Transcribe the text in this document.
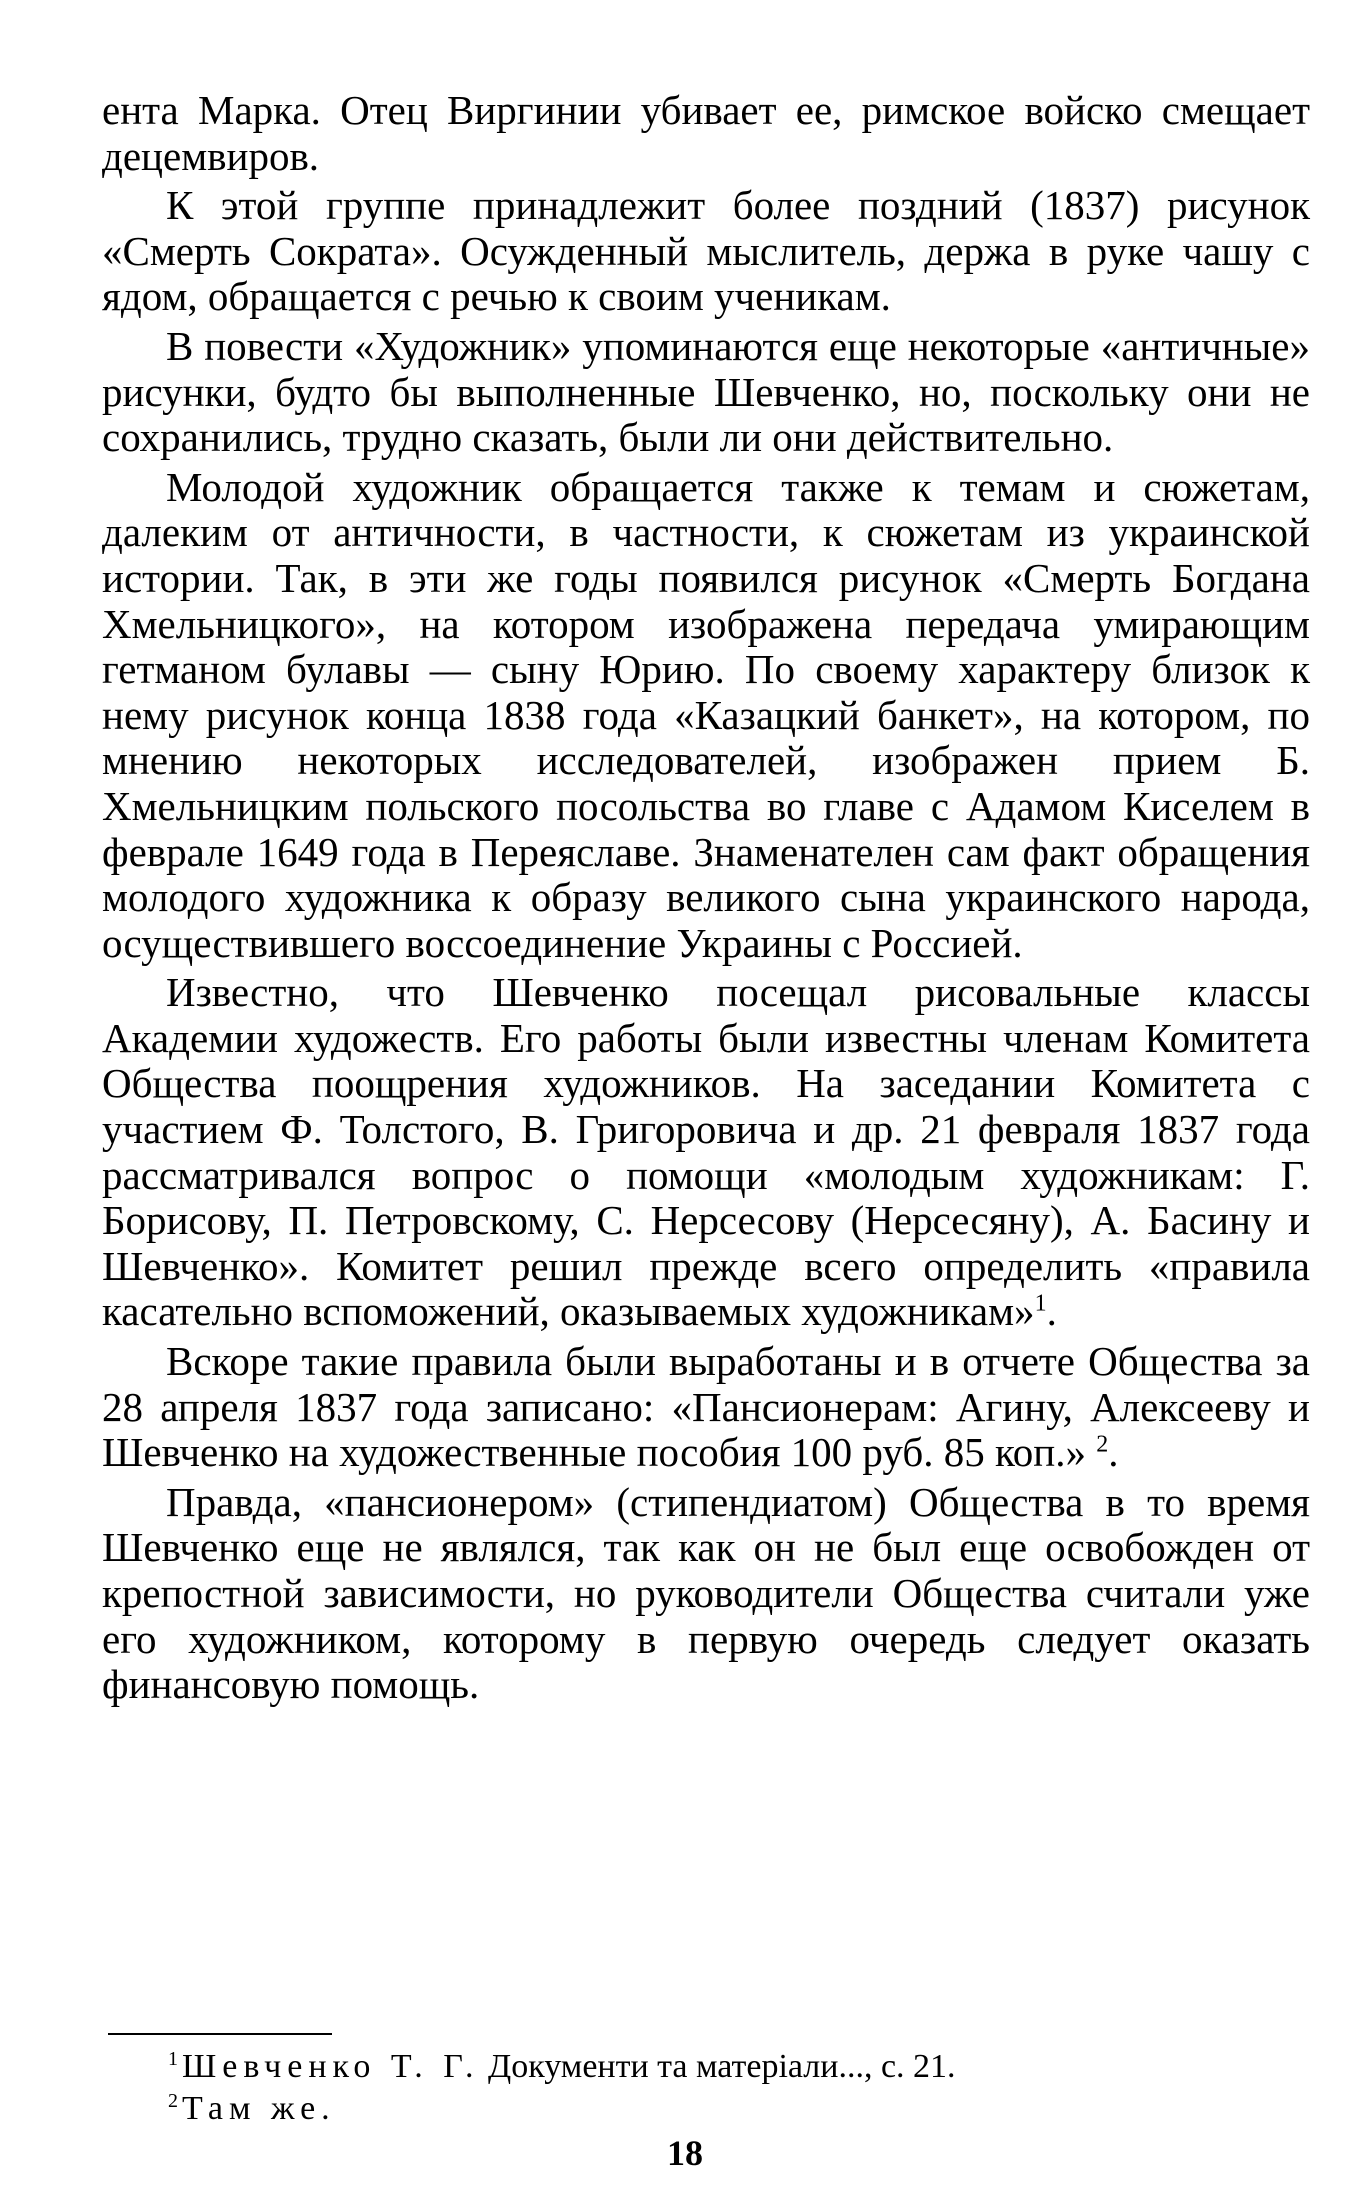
ента Марка. Отец Виргинии убивает ее, римское войско смещает децемвиров.

К этой группе принадлежит более поздний (1837) рисунок «Смерть Сократа». Осужденный мыслитель, держа в руке чашу с ядом, обращается с речью к своим ученикам.

В повести «Художник» упоминаются еще некоторые «античные» рисунки, будто бы выполненные Шевченко, но, поскольку они не сохранились, трудно сказать, были ли они действительно.

Молодой художник обращается также к темам и сюжетам, далеким от античности, в частности, к сюжетам из украинской истории. Так, в эти же годы появился рисунок «Смерть Богдана Хмельницкого», на котором изображена передача умирающим гетманом булавы — сыну Юрию. По своему характеру близок к нему рисунок конца 1838 года «Казацкий банкет», на котором, по мнению некоторых исследователей, изображен прием Б. Хмельницким польского посольства во главе с Адамом Киселем в феврале 1649 года в Переяславе. Знаменателен сам факт обращения молодого художника к образу великого сына украинского народа, осуществившего воссоединение Украины с Россией.

Известно, что Шевченко посещал рисовальные классы Академии художеств. Его работы были известны членам Комитета Общества поощрения художников. На заседании Комитета с участием Ф. Толстого, В. Григоровича и др. 21 февраля 1837 года рассматривался вопрос о помощи «молодым художникам: Г. Борисову, П. Петровскому, С. Нерсесову (Нерсесяну), А. Басину и Шевченко». Комитет решил прежде всего определить «правила касательно вспоможений, оказываемых художникам»$^1$.

Вскоре такие правила были выработаны и в отчете Общества за 28 апреля 1837 года записано: «Пансионерам: Агину, Алексееву и Шевченко на художественные пособия 100 руб. 85 коп.» $^2$.

Правда, «пансионером» (стипендиатом) Общества в то время Шевченко еще не являлся, так как он не был еще освобожден от крепостной зависимости, но руководители Общества считали уже его художником, которому в первую очередь следует оказать финансовую помощь.

$^1$ Шевченко Т. Г. Документи та матеріали..., с. 21.

$^2$ Там же.

18
